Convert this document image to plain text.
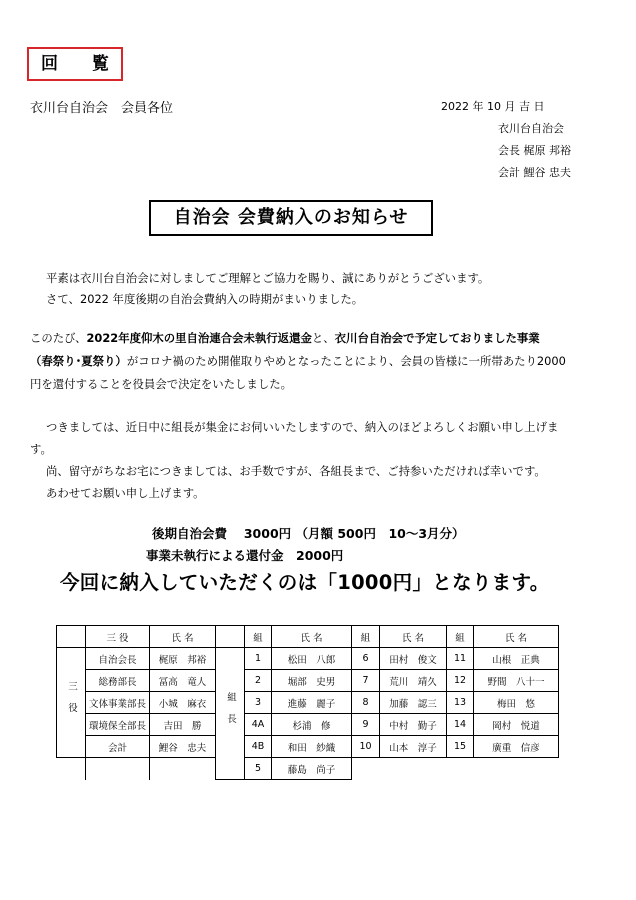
回 覧
衣川台自治会　会員各位	2022 年 10 月 吉 日
衣川台自治会
会長 梶原 邦裕
会計 鯉谷 忠夫
自治会 会費納入のお知らせ
平素は衣川台自治会に対しましてご理解とご協力を賜り、誠にありがとうございます。
さて、2022 年度後期の自治会費納入の時期がまいりました。
このたび、2022年度仰木の里自治連合会未執行返還金と、衣川台自治会で予定しておりました事業
（春祭り･夏祭り）がコロナ禍のため開催取りやめとなったことにより、会員の皆様に一所帯あたり2000
円を還付することを役員会で決定をいたしました。
つきましては、近日中に組長が集金にお伺いいたしますので、納入のほどよろしくお願い申し上げま
す。
尚、留守がちなお宅につきましては、お手数ですが、各組長まで、ご持参いただければ幸いです。
あわせてお願い申し上げます。
後期自治会費　 3000円 （月額 500円　10～3月分）
事業未執行による還付金　2000円
今回に納入していただくのは「1000円」となります。
	三 役	氏 名		組	氏 名	組	氏 名	組	氏 名
三役	自治会長	梶原　邦裕	組長	1	松田　八郎	6	田村　俊文	11	山根　正典
	総務部長	冨高　竜人		2	堀部　史男	7	荒川　靖久	12	野間　八十一
	文体事業部長	小城　麻衣		3	進藤　麗子	8	加藤　認三	13	梅田　悠
	環境保全部長	吉田　勝		4A	杉浦　修	9	中村　勤子	14	岡村　悦道
	会計	鯉谷　忠夫		4B	和田　紗織	10	山本　淳子	15	廣重　信彦
				5	藤島　尚子				
